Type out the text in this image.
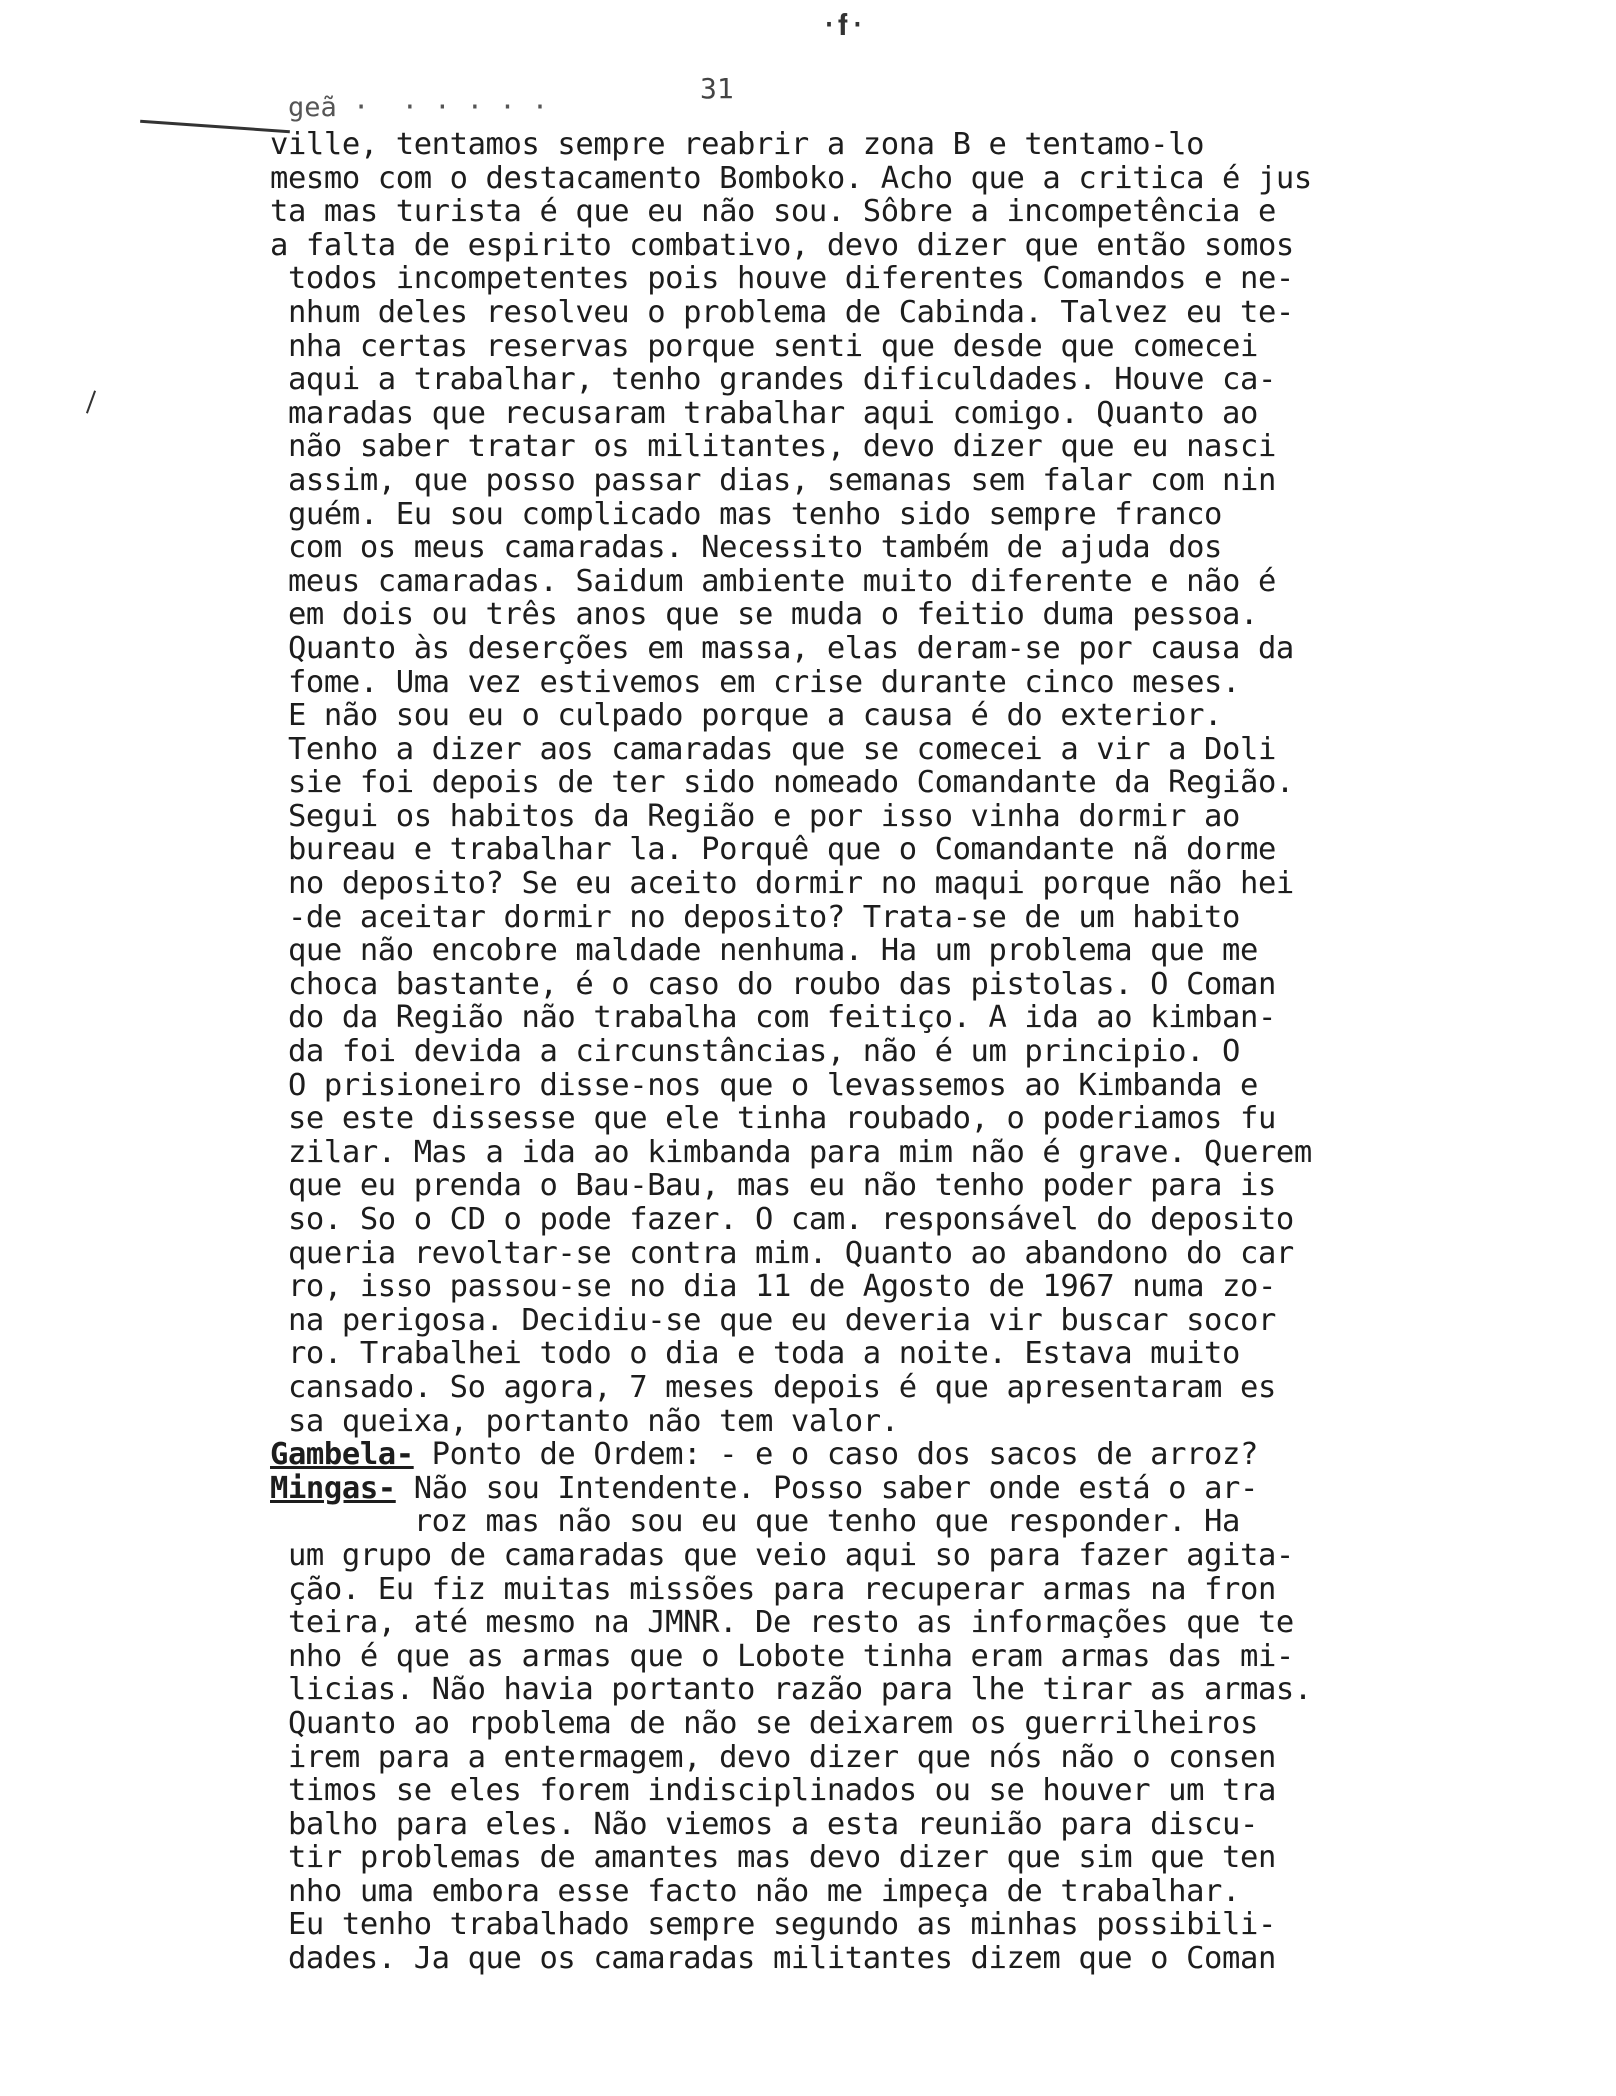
·𝐟·
31
geã ·  · · · · ·
ville, tentamos sempre reabrir a zona B e tentamo-lo
mesmo com o destacamento Bomboko. Acho que a critica é jus
ta mas turista é que eu não sou. Sôbre a incompetência e
a falta de espirito combativo, devo dizer que então somos
todos incompetentes pois houve diferentes Comandos e ne-
nhum deles resolveu o problema de Cabinda. Talvez eu te-
nha certas reservas porque senti que desde que comecei
aqui a trabalhar, tenho grandes dificuldades. Houve ca-
maradas que recusaram trabalhar aqui comigo. Quanto ao
não saber tratar os militantes, devo dizer que eu nasci
assim, que posso passar dias, semanas sem falar com nin
guém. Eu sou complicado mas tenho sido sempre franco
com os meus camaradas. Necessito também de ajuda dos
meus camaradas. Saidum ambiente muito diferente e não é
em dois ou três anos que se muda o feitio duma pessoa.
Quanto às deserções em massa, elas deram-se por causa da
fome. Uma vez estivemos em crise durante cinco meses.
E não sou eu o culpado porque a causa é do exterior.
Tenho a dizer aos camaradas que se comecei a vir a Doli
sie foi depois de ter sido nomeado Comandante da Região.
Segui os habitos da Região e por isso vinha dormir ao
bureau e trabalhar la. Porquê que o Comandante nã dorme
no deposito? Se eu aceito dormir no maqui porque não hei
-de aceitar dormir no deposito? Trata-se de um habito
que não encobre maldade nenhuma. Ha um problema que me
choca bastante, é o caso do roubo das pistolas. O Coman
do da Região não trabalha com feitiço. A ida ao kimban-
da foi devida a circunstâncias, não é um principio. O
O prisioneiro disse-nos que o levassemos ao Kimbanda e
se este dissesse que ele tinha roubado, o poderiamos fu
zilar. Mas a ida ao kimbanda para mim não é grave. Querem
que eu prenda o Bau-Bau, mas eu não tenho poder para is
so. So o CD o pode fazer. O cam. responsável do deposito
queria revoltar-se contra mim. Quanto ao abandono do car
ro, isso passou-se no dia 11 de Agosto de 1967 numa zo-
na perigosa. Decidiu-se que eu deveria vir buscar socor
ro. Trabalhei todo o dia e toda a noite. Estava muito
cansado. So agora, 7 meses depois é que apresentaram es
sa queixa, portanto não tem valor.
Gambela- Ponto de Ordem: - e o caso dos sacos de arroz?
Mingas- Não sou Intendente. Posso saber onde está o ar-
roz mas não sou eu que tenho que responder. Ha
um grupo de camaradas que veio aqui so para fazer agita-
ção. Eu fiz muitas missões para recuperar armas na fron
teira, até mesmo na JMNR. De resto as informações que te
nho é que as armas que o Lobote tinha eram armas das mi-
licias. Não havia portanto razão para lhe tirar as armas.
Quanto ao rpoblema de não se deixarem os guerrilheiros
irem para a entermagem, devo dizer que nós não o consen
timos se eles forem indisciplinados ou se houver um tra
balho para eles. Não viemos a esta reunião para discu-
tir problemas de amantes mas devo dizer que sim que ten
nho uma embora esse facto não me impeça de trabalhar.
Eu tenho trabalhado sempre segundo as minhas possibili-
dades. Ja que os camaradas militantes dizem que o Coman
